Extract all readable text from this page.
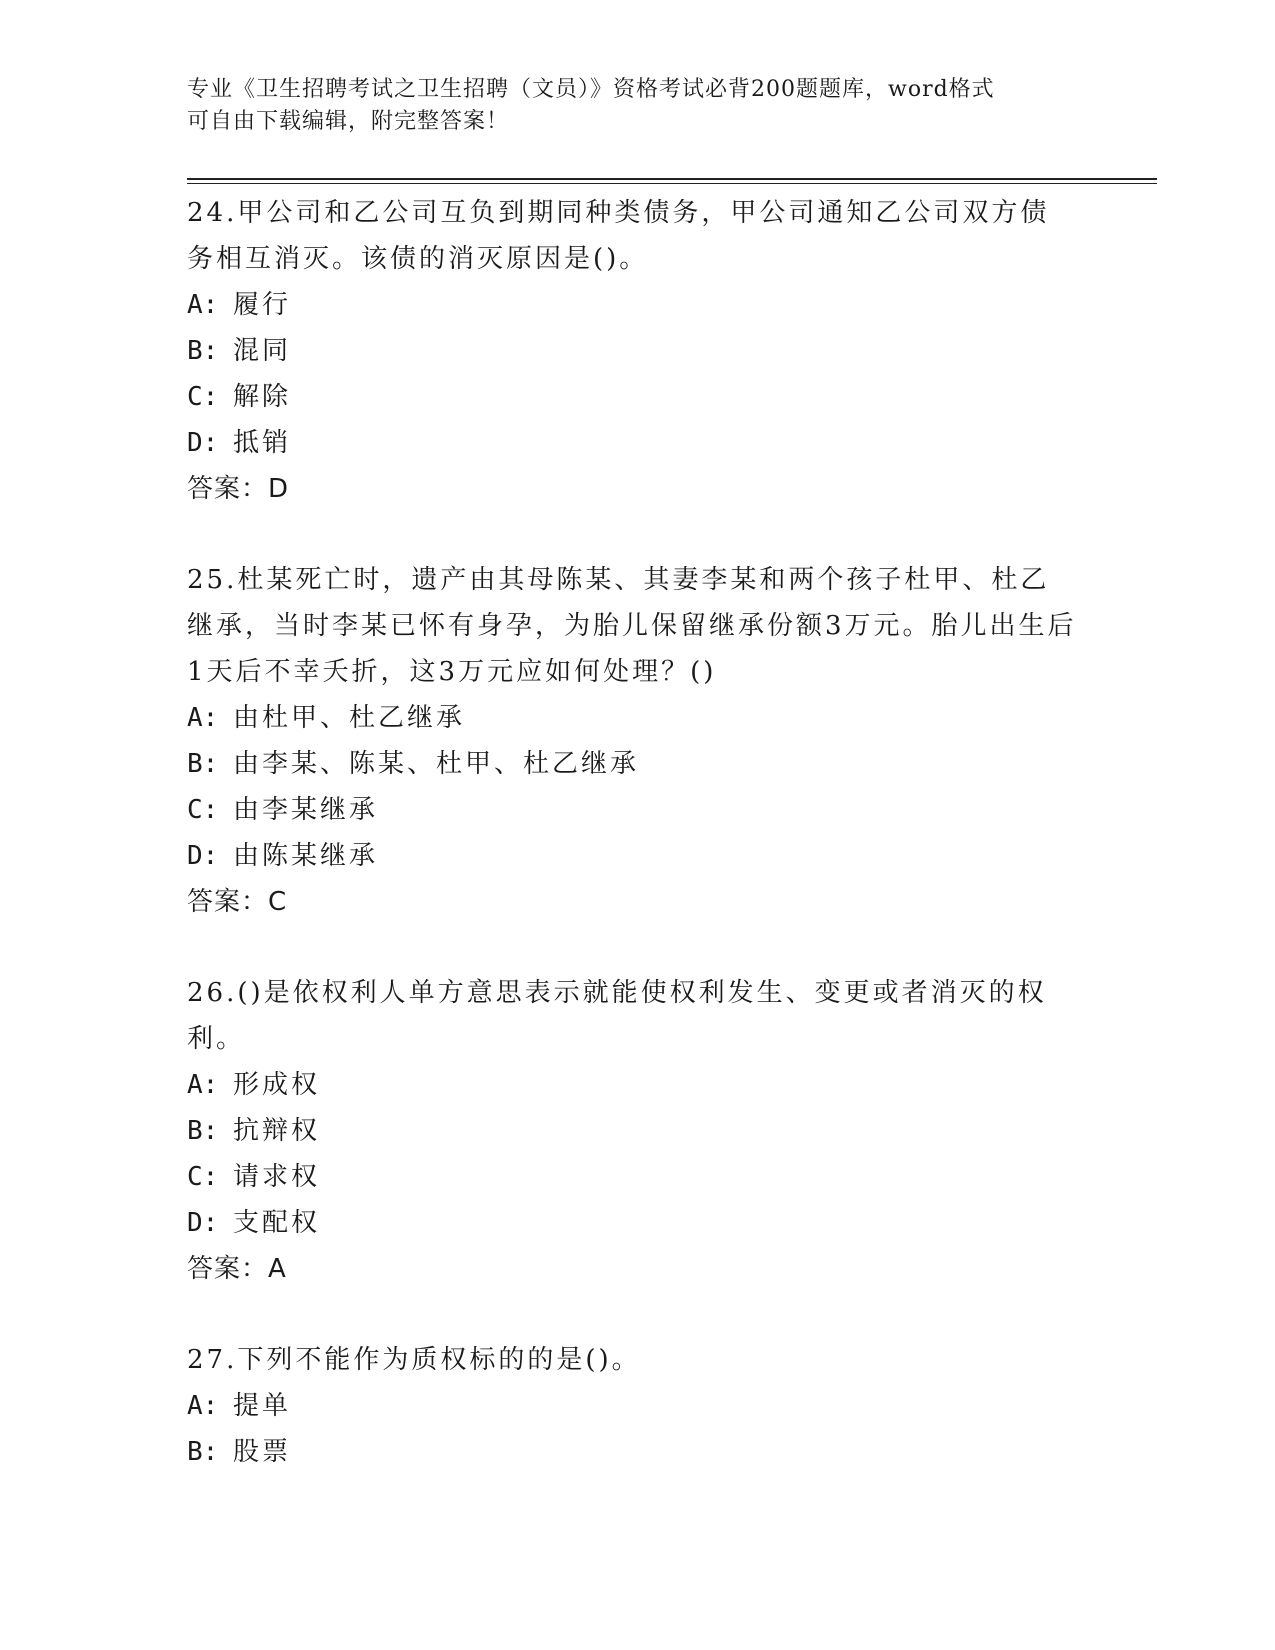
专业《卫生招聘考试之卫生招聘（文员）》资格考试必背200题题库，word格式
可自由下载编辑，附完整答案！
24.甲公司和乙公司互负到期同种类债务，甲公司通知乙公司双方债务相互消灭。该债的消灭原因是()。
A: 履行
B: 混同
C: 解除
D: 抵销
答案：D
25.杜某死亡时，遗产由其母陈某、其妻李某和两个孩子杜甲、杜乙继承，当时李某已怀有身孕，为胎儿保留继承份额3万元。胎儿出生后1天后不幸夭折，这3万元应如何处理？()
A: 由杜甲、杜乙继承
B: 由李某、陈某、杜甲、杜乙继承
C: 由李某继承
D: 由陈某继承
答案：C
26.()是依权利人单方意思表示就能使权利发生、变更或者消灭的权利。
A: 形成权
B: 抗辩权
C: 请求权
D: 支配权
答案：A
27.下列不能作为质权标的的是()。
A: 提单
B: 股票
